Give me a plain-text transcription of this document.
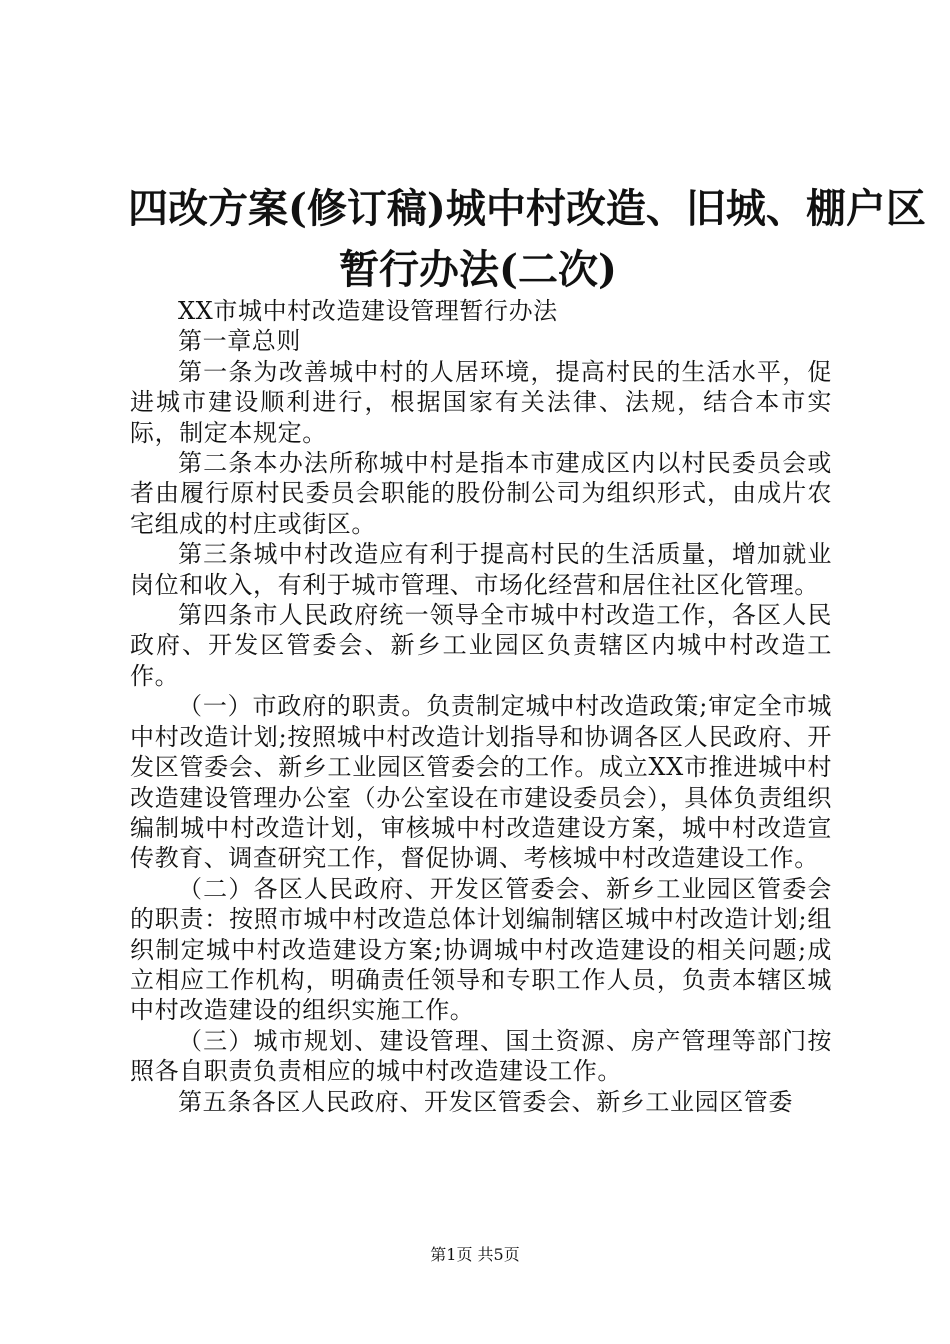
四改方案(修订稿)城中村改造、旧城、棚户区
暂行办法(二次)

XX市城中村改造建设管理暂行办法

第一章总则

第一条为改善城中村的人居环境，提高村民的生活水平，促进城市建设顺利进行，根据国家有关法律、法规，结合本市实际，制定本规定。

第二条本办法所称城中村是指本市建成区内以村民委员会或者由履行原村民委员会职能的股份制公司为组织形式，由成片农宅组成的村庄或街区。

第三条城中村改造应有利于提高村民的生活质量，增加就业岗位和收入，有利于城市管理、市场化经营和居住社区化管理。

第四条市人民政府统一领导全市城中村改造工作，各区人民政府、开发区管委会、新乡工业园区负责辖区内城中村改造工作。

（一）市政府的职责。负责制定城中村改造政策;审定全市城中村改造计划;按照城中村改造计划指导和协调各区人民政府、开发区管委会、新乡工业园区管委会的工作。成立XX市推进城中村改造建设管理办公室（办公室设在市建设委员会），具体负责组织编制城中村改造计划，审核城中村改造建设方案，城中村改造宣传教育、调查研究工作，督促协调、考核城中村改造建设工作。

（二）各区人民政府、开发区管委会、新乡工业园区管委会的职责：按照市城中村改造总体计划编制辖区城中村改造计划;组织制定城中村改造建设方案;协调城中村改造建设的相关问题;成立相应工作机构，明确责任领导和专职工作人员，负责本辖区城中村改造建设的组织实施工作。

（三）城市规划、建设管理、国土资源、房产管理等部门按照各自职责负责相应的城中村改造建设工作。

第五条各区人民政府、开发区管委会、新乡工业园区管委

第1页 共5页
